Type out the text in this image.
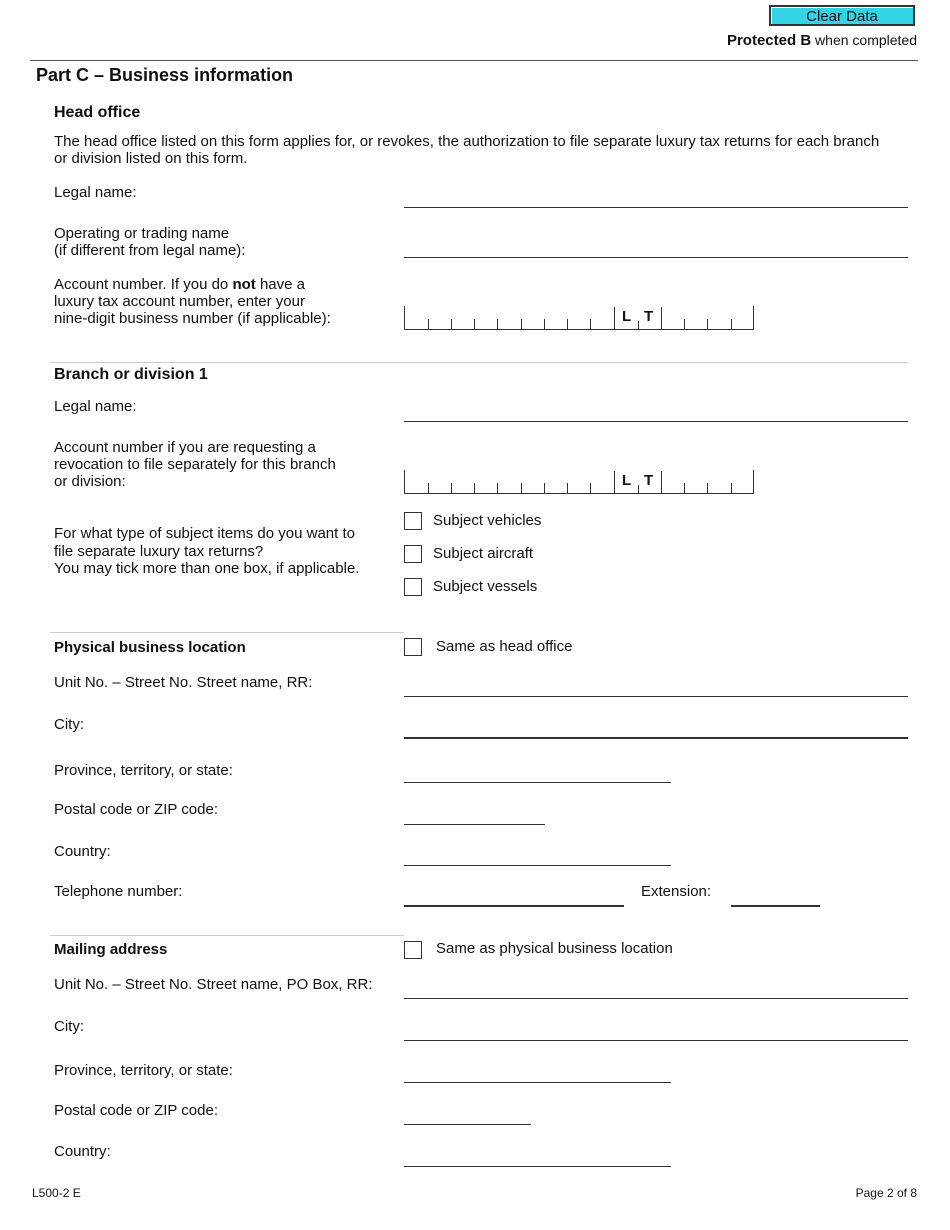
Clear Data
Protected B when completed
Part C – Business information
Head office
The head office listed on this form applies for, or revokes, the authorization to file separate luxury tax returns for each branch or division listed on this form.
Legal name:
Operating or trading name
(if different from legal name):
Account number. If you do not have a
luxury tax account number, enter your
nine-digit business number (if applicable):	L T
Branch or division 1
Legal name:
Account number if you are requesting a
revocation to file separately for this branch
or division:	L T
For what type of subject items do you want to
file separate luxury tax returns?
You may tick more than one box, if applicable.
Subject vehicles
Subject aircraft
Subject vessels
Physical business location	Same as head office
Unit No. – Street No. Street name, RR:
City:
Province, territory, or state:
Postal code or ZIP code:
Country:
Telephone number:	Extension:
Mailing address	Same as physical business location
Unit No. – Street No. Street name, PO Box, RR:
City:
Province, territory, or state:
Postal code or ZIP code:
Country:
L500-2 E	Page 2 of 8
